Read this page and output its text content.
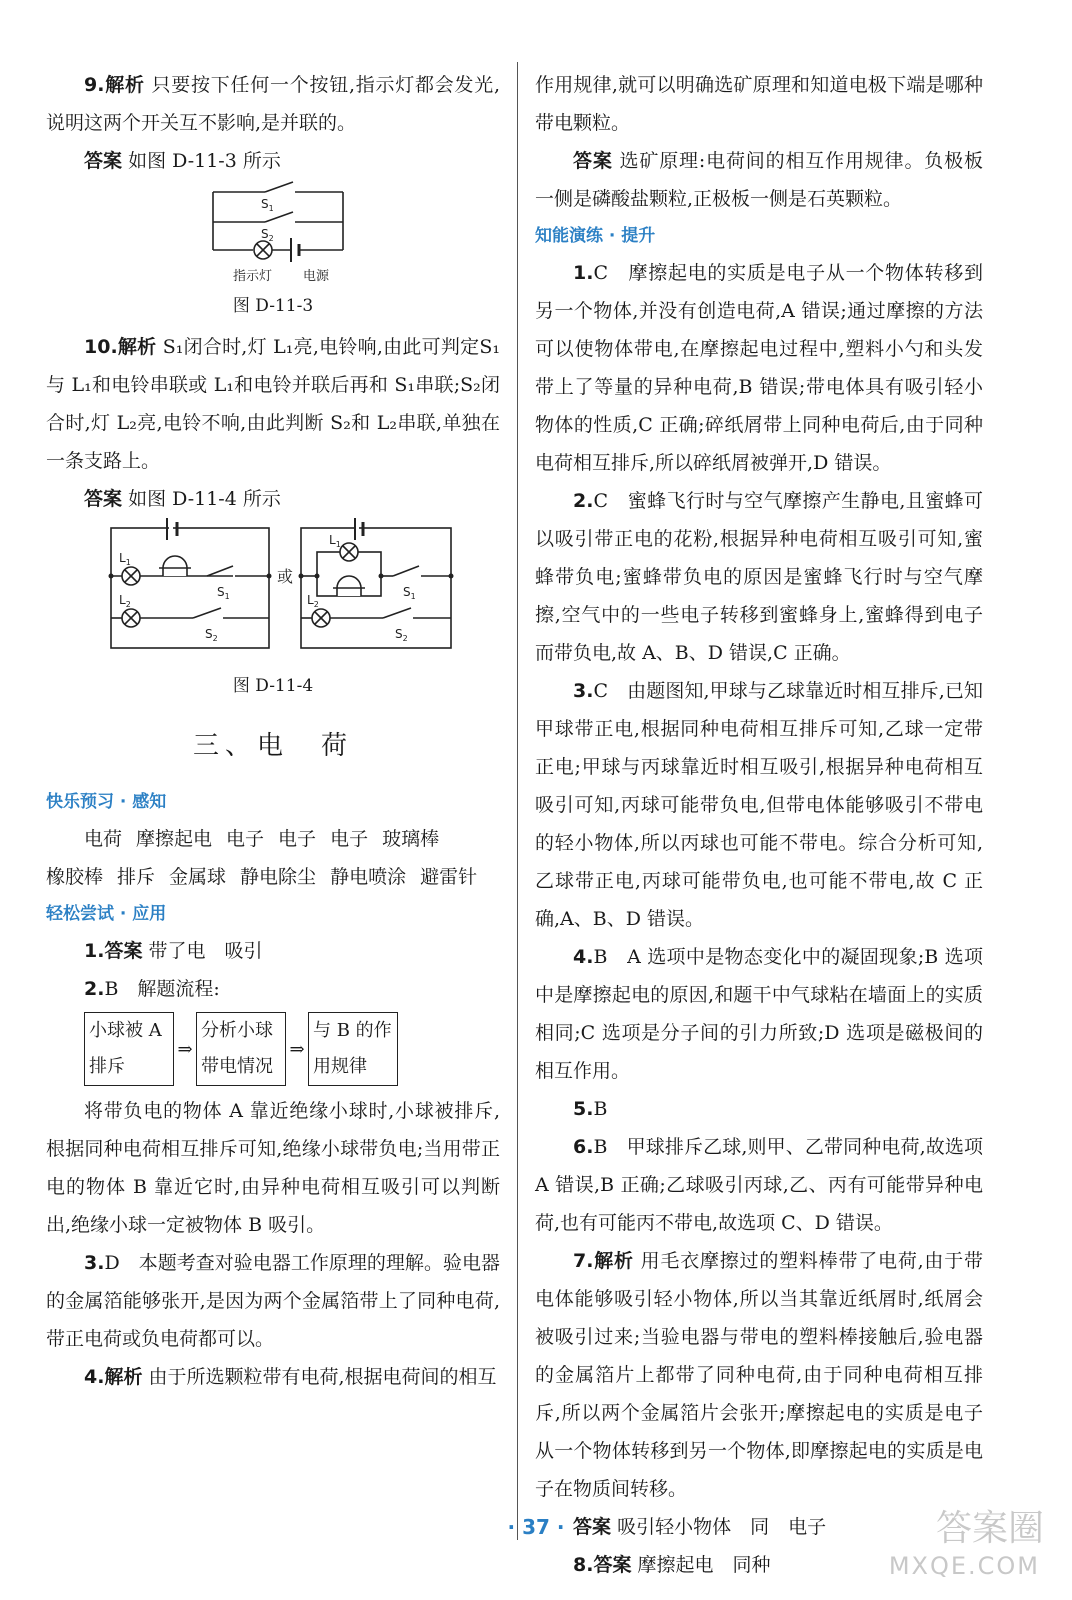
9.解析 只要按下任何一个按钮,指示灯都会发光,说明这两个开关互不影响,是并联的。

答案 如图 D-11-3 所示

$S_1$
$S_2$
指示灯 电源

图 D-11-3

10.解析 S₁闭合时,灯 L₁亮,电铃响,由此可判定S₁与 L₁和电铃串联或 L₁和电铃并联后再和 S₁串联;S₂闭合时,灯 L₂亮,电铃不响,由此判断 S₂和 L₂串联,单独在一条支路上。

答案 如图 D-11-4 所示

$L_1$
$L_2$
$S_1$
$S_2$
或
$L_1$
$L_2$
$S_1$
$S_2$

图 D-11-4

三、电　荷
快乐预习 · 感知
电荷 摩擦起电 电子 电子 电子 玻璃棒
橡胶棒 排斥 金属球 静电除尘 静电喷涂 避雷针
轻松尝试 · 应用

1.答案 带了电　吸引

2.B　解题流程:

小球被 A 排斥
⇒
分析小球带电情况
⇒
与 B 的作用规律

将带负电的物体 A 靠近绝缘小球时,小球被排斥,根据同种电荷相互排斥可知,绝缘小球带负电;当用带正电的物体 B 靠近它时,由异种电荷相互吸引可以判断出,绝缘小球一定被物体 B 吸引。

3.D　本题考查对验电器工作原理的理解。验电器的金属箔能够张开,是因为两个金属箔带上了同种电荷,带正电荷或负电荷都可以。

4.解析 由于所选颗粒带有电荷,根据电荷间的相互

作用规律,就可以明确选矿原理和知道电极下端是哪种带电颗粒。

答案 选矿原理:电荷间的相互作用规律。负极板一侧是磷酸盐颗粒,正极板一侧是石英颗粒。

知能演练 · 提升

1.C　摩擦起电的实质是电子从一个物体转移到另一个物体,并没有创造电荷,A 错误;通过摩擦的方法可以使物体带电,在摩擦起电过程中,塑料小勺和头发带上了等量的异种电荷,B 错误;带电体具有吸引轻小物体的性质,C 正确;碎纸屑带上同种电荷后,由于同种电荷相互排斥,所以碎纸屑被弹开,D 错误。

2.C　蜜蜂飞行时与空气摩擦产生静电,且蜜蜂可以吸引带正电的花粉,根据异种电荷相互吸引可知,蜜蜂带负电;蜜蜂带负电的原因是蜜蜂飞行时与空气摩擦,空气中的一些电子转移到蜜蜂身上,蜜蜂得到电子而带负电,故 A、B、D 错误,C 正确。

3.C　由题图知,甲球与乙球靠近时相互排斥,已知甲球带正电,根据同种电荷相互排斥可知,乙球一定带正电;甲球与丙球靠近时相互吸引,根据异种电荷相互吸引可知,丙球可能带负电,但带电体能够吸引不带电的轻小物体,所以丙球也可能不带电。综合分析可知,乙球带正电,丙球可能带负电,也可能不带电,故 C 正确,A、B、D 错误。

4.B　A 选项中是物态变化中的凝固现象;B 选项中是摩擦起电的原因,和题干中气球粘在墙面上的实质相同;C 选项是分子间的引力所致;D 选项是磁极间的相互作用。

5.B

6.B　甲球排斥乙球,则甲、乙带同种电荷,故选项 A 错误,B 正确;乙球吸引丙球,乙、丙有可能带异种电荷,也有可能丙不带电,故选项 C、D 错误。

7.解析 用毛衣摩擦过的塑料棒带了电荷,由于带电体能够吸引轻小物体,所以当其靠近纸屑时,纸屑会被吸引过来;当验电器与带电的塑料棒接触后,验电器的金属箔片上都带了同种电荷,由于同种电荷相互排斥,所以两个金属箔片会张开;摩擦起电的实质是电子从一个物体转移到另一个物体,即摩擦起电的实质是电子在物质间转移。

答案 吸引轻小物体　同　电子

8.答案 摩擦起电　同种

· 37 ·	答案圈
MXQE.COM
